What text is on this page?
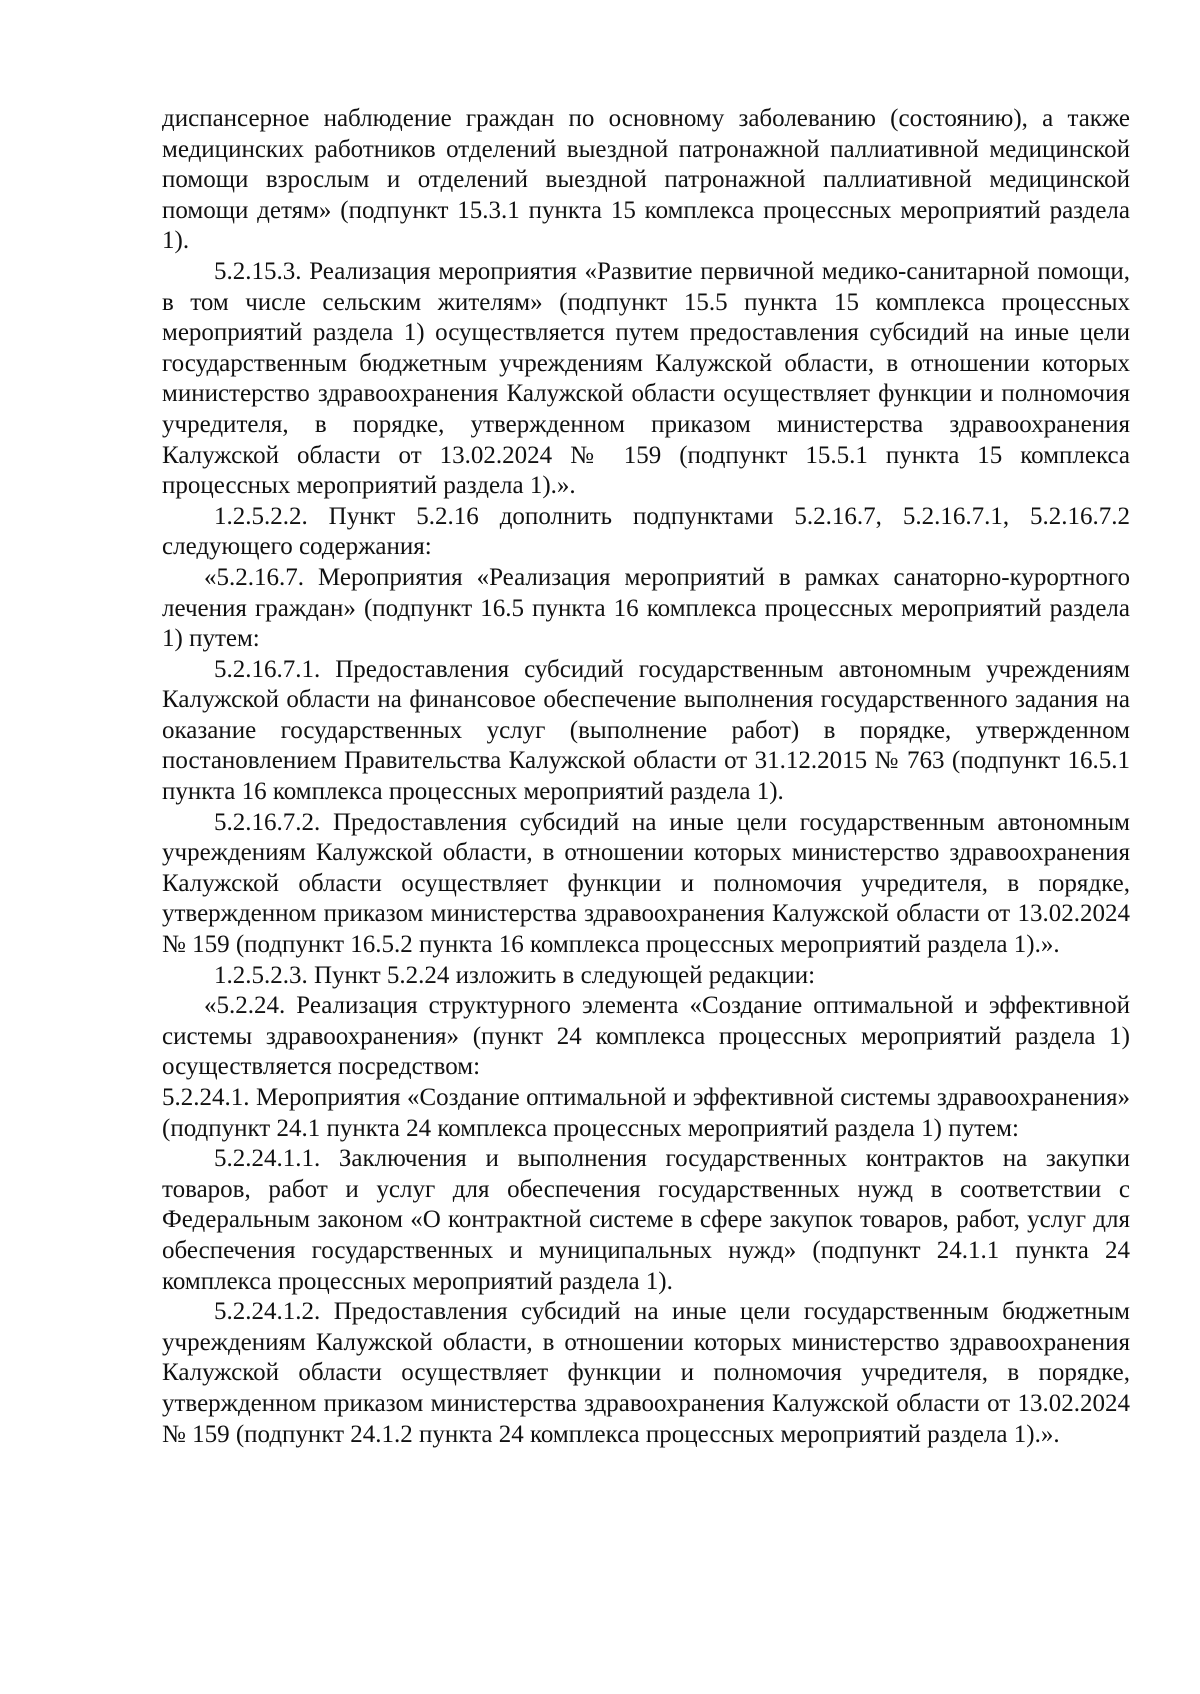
диспансерное наблюдение граждан по основному заболеванию (состоянию), а также медицинских работников отделений выездной патронажной паллиативной медицинской помощи взрослым и отделений выездной патронажной паллиативной медицинской помощи детям» (подпункт 15.3.1 пункта 15 комплекса процессных мероприятий раздела 1).

5.2.15.3. Реализация мероприятия «Развитие первичной медико-санитарной помощи, в том числе сельским жителям» (подпункт 15.5 пункта 15 комплекса процессных мероприятий раздела 1) осуществляется путем предоставления субсидий на иные цели государственным бюджетным учреждениям Калужской области, в отношении которых министерство здравоохранения Калужской области осуществляет функции и полномочия учредителя, в порядке, утвержденном приказом министерства здравоохранения Калужской области от 13.02.2024 № 159 (подпункт 15.5.1 пункта 15 комплекса процессных мероприятий раздела 1).».

1.2.5.2.2. Пункт 5.2.16 дополнить подпунктами 5.2.16.7, 5.2.16.7.1, 5.2.16.7.2 следующего содержания:

«5.2.16.7. Мероприятия «Реализация мероприятий в рамках санаторно-курортного лечения граждан» (подпункт 16.5 пункта 16 комплекса процессных мероприятий раздела 1) путем:

5.2.16.7.1. Предоставления субсидий государственным автономным учреждениям Калужской области на финансовое обеспечение выполнения государственного задания на оказание государственных услуг (выполнение работ) в порядке, утвержденном постановлением Правительства Калужской области от 31.12.2015 № 763 (подпункт 16.5.1 пункта 16 комплекса процессных мероприятий раздела 1).

5.2.16.7.2. Предоставления субсидий на иные цели государственным автономным учреждениям Калужской области, в отношении которых министерство здравоохранения Калужской области осуществляет функции и полномочия учредителя, в порядке, утвержденном приказом министерства здравоохранения Калужской области от 13.02.2024 № 159 (подпункт 16.5.2 пункта 16 комплекса процессных мероприятий раздела 1).».

1.2.5.2.3. Пункт 5.2.24 изложить в следующей редакции:

«5.2.24. Реализация структурного элемента «Создание оптимальной и эффективной системы здравоохранения» (пункт 24 комплекса процессных мероприятий раздела 1) осуществляется посредством:

5.2.24.1. Мероприятия «Создание оптимальной и эффективной системы здравоохранения» (подпункт 24.1 пункта 24 комплекса процессных мероприятий раздела 1) путем:

5.2.24.1.1. Заключения и выполнения государственных контрактов на закупки товаров, работ и услуг для обеспечения государственных нужд в соответствии с Федеральным законом «О контрактной системе в сфере закупок товаров, работ, услуг для обеспечения государственных и муниципальных нужд» (подпункт 24.1.1 пункта 24 комплекса процессных мероприятий раздела 1).

5.2.24.1.2. Предоставления субсидий на иные цели государственным бюджетным учреждениям Калужской области, в отношении которых министерство здравоохранения Калужской области осуществляет функции и полномочия учредителя, в порядке, утвержденном приказом министерства здравоохранения Калужской области от 13.02.2024 № 159 (подпункт 24.1.2 пункта 24 комплекса процессных мероприятий раздела 1).».
